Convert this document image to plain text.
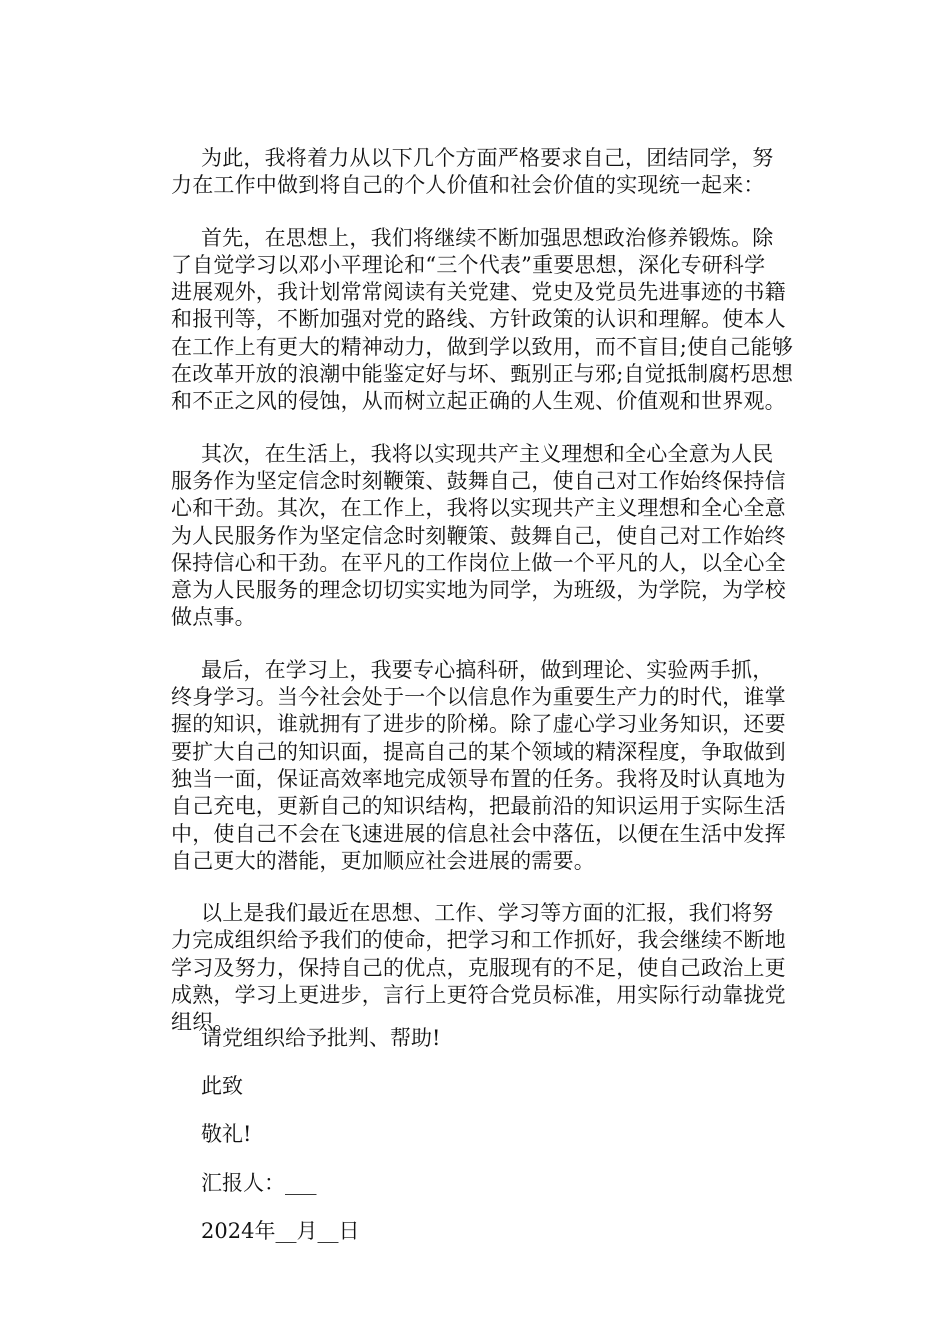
为此，我将着力从以下几个方面严格要求自己，团结同学，努
力在工作中做到将自己的个人价值和社会价值的实现统一起来：

首先，在思想上，我们将继续不断加强思想政治修养锻炼。除
了自觉学习以邓小平理论和“三个代表”重要思想，深化专研科学
进展观外，我计划常常阅读有关党建、党史及党员先进事迹的书籍
和报刊等，不断加强对党的路线、方针政策的认识和理解。使本人
在工作上有更大的精神动力，做到学以致用，而不盲目;使自己能够
在改革开放的浪潮中能鉴定好与坏、甄别正与邪;自觉抵制腐朽思想
和不正之风的侵蚀，从而树立起正确的人生观、价值观和世界观。

其次，在生活上，我将以实现共产主义理想和全心全意为人民
服务作为坚定信念时刻鞭策、鼓舞自己，使自己对工作始终保持信
心和干劲。其次，在工作上，我将以实现共产主义理想和全心全意
为人民服务作为坚定信念时刻鞭策、鼓舞自己，使自己对工作始终
保持信心和干劲。在平凡的工作岗位上做一个平凡的人，以全心全
意为人民服务的理念切切实实地为同学，为班级，为学院，为学校
做点事。

最后，在学习上，我要专心搞科研，做到理论、实验两手抓，
终身学习。当今社会处于一个以信息作为重要生产力的时代，谁掌
握的知识，谁就拥有了进步的阶梯。除了虚心学习业务知识，还要
要扩大自己的知识面，提高自己的某个领域的精深程度，争取做到
独当一面，保证高效率地完成领导布置的任务。我将及时认真地为
自己充电，更新自己的知识结构，把最前沿的知识运用于实际生活
中，使自己不会在飞速进展的信息社会中落伍，以便在生活中发挥
自己更大的潜能，更加顺应社会进展的需要。

以上是我们最近在思想、工作、学习等方面的汇报，我们将努
力完成组织给予我们的使命，把学习和工作抓好，我会继续不断地
学习及努力，保持自己的优点，克服现有的不足，使自己政治上更
成熟，学习上更进步，言行上更符合党员标准，用实际行动靠拢党
组织。

请党组织给予批判、帮助!
此致
敬礼!
汇报人：___
2024年__月__日
